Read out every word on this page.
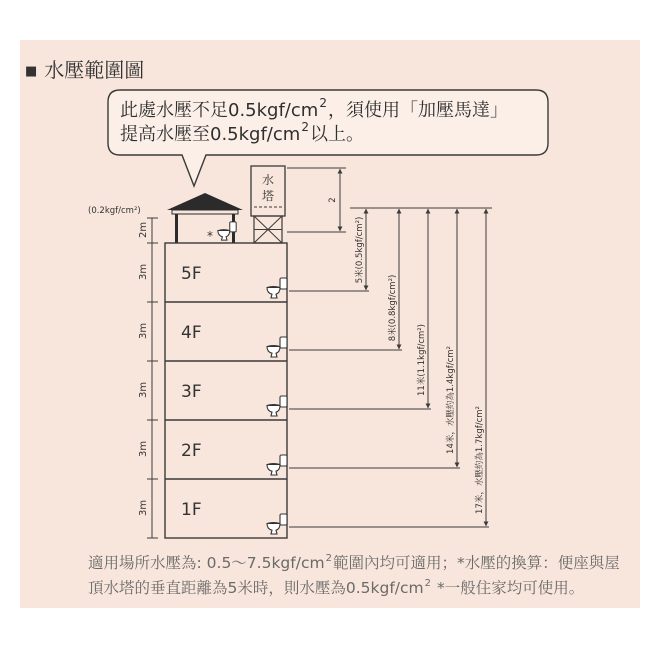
2m
3m
3m
3m
3m
3m
(0.2kgf/cm²)
*
水
塔
5F
4F
3F
2F
1F
2
5米(0.5kgf/cm²)
8米(0.8kgf/cm²)
11米(1.1kgf/cm²) 14米，水壓約為1.4kgf/cm²
17米，水壓約為1.7kgf/cm²
■ 水壓範圍圖
此處水壓不足$0.5kgf/cm^2$，須使用「加壓馬達」
提高水壓至$0.5kgf/cm^2$以上。
適用場所水壓為: $0.5\sim 7.5kgf/cm^2$範圍內均可適用；*水壓的換算：便座與屋
頂水塔的垂直距離為5米時，則水壓為$0.5kgf/cm^2$ *一般住家均可使用。
